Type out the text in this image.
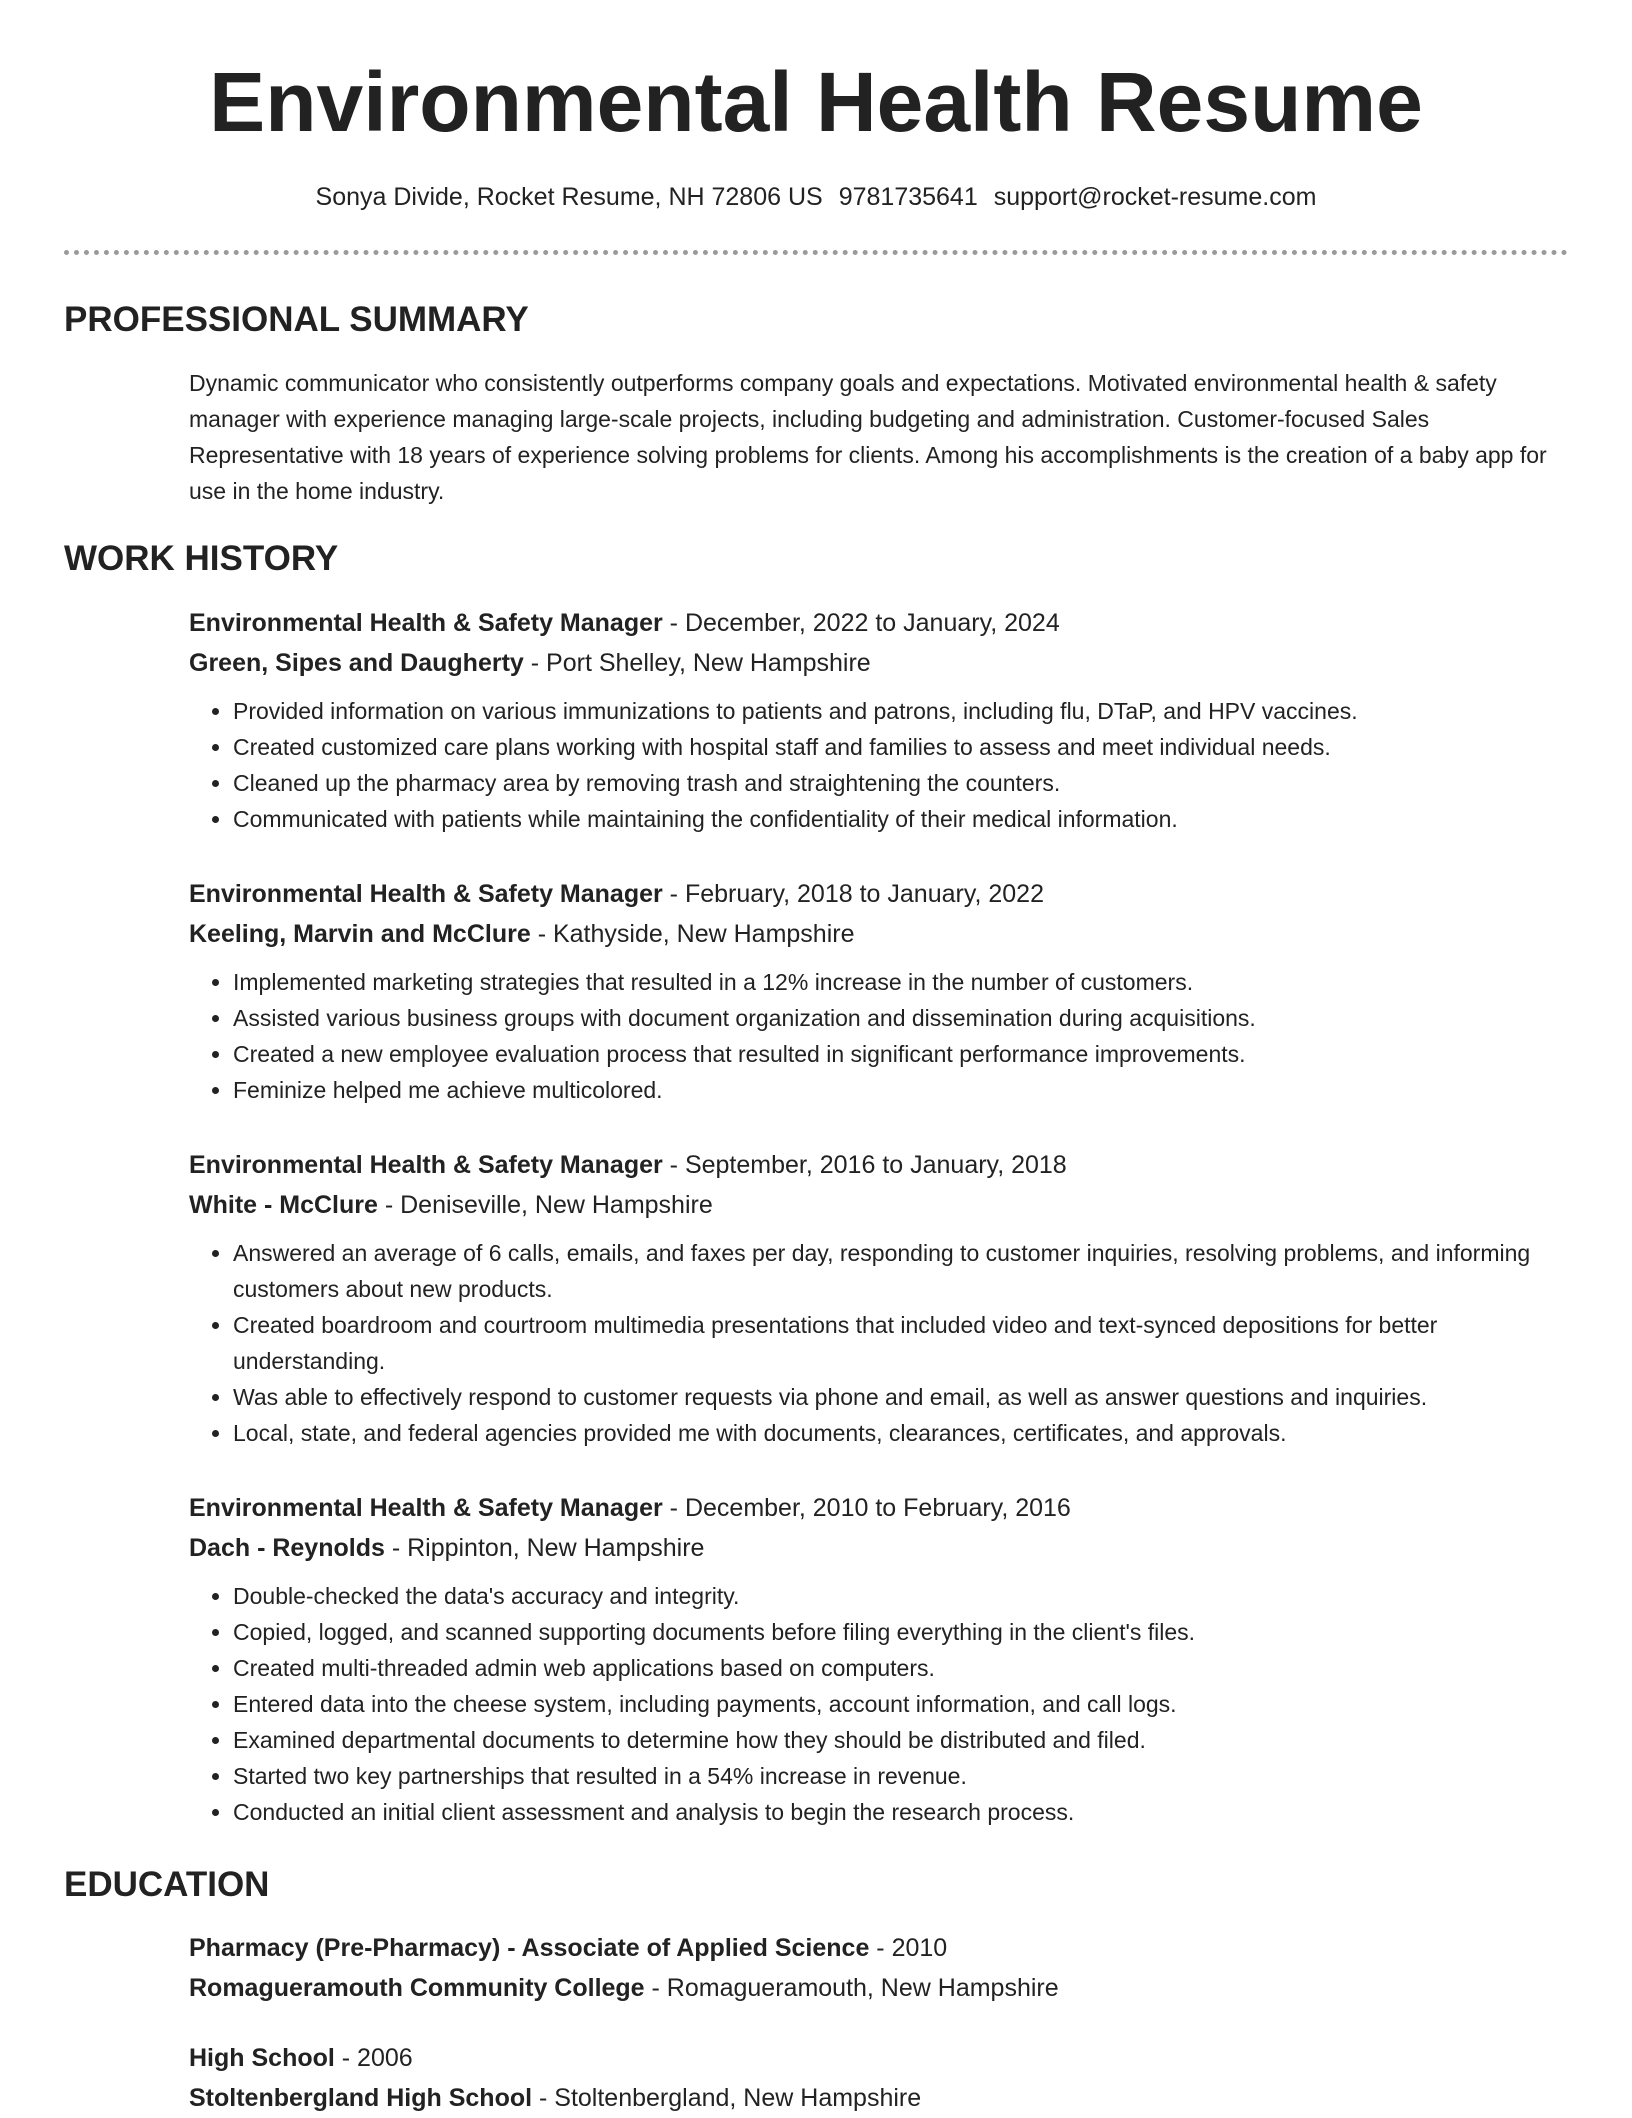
Environmental Health Resume
Sonya Divide, Rocket Resume, NH 72806 US 9781735641 support@rocket-resume.com
PROFESSIONAL SUMMARY

Dynamic communicator who consistently outperforms company goals and expectations. Motivated environmental health & safety manager with experience managing large-scale projects, including budgeting and administration. Customer-focused Sales Representative with 18 years of experience solving problems for clients. Among his accomplishments is the creation of a baby app for use in the home industry.

WORK HISTORY
Environmental Health & Safety Manager - December, 2022 to January, 2024
Green, Sipes and Daugherty - Port Shelley, New Hampshire
• Provided information on various immunizations to patients and patrons, including flu, DTaP, and HPV vaccines.
• Created customized care plans working with hospital staff and families to assess and meet individual needs.
• Cleaned up the pharmacy area by removing trash and straightening the counters.
• Communicated with patients while maintaining the confidentiality of their medical information.
Environmental Health & Safety Manager - February, 2018 to January, 2022
Keeling, Marvin and McClure - Kathyside, New Hampshire
• Implemented marketing strategies that resulted in a 12% increase in the number of customers.
• Assisted various business groups with document organization and dissemination during acquisitions.
• Created a new employee evaluation process that resulted in significant performance improvements.
• Feminize helped me achieve multicolored.
Environmental Health & Safety Manager - September, 2016 to January, 2018
White - McClure - Deniseville, New Hampshire
• Answered an average of 6 calls, emails, and faxes per day, responding to customer inquiries, resolving problems, and informing customers about new products.
• Created boardroom and courtroom multimedia presentations that included video and text-synced depositions for better understanding.
• Was able to effectively respond to customer requests via phone and email, as well as answer questions and inquiries.
• Local, state, and federal agencies provided me with documents, clearances, certificates, and approvals.
Environmental Health & Safety Manager - December, 2010 to February, 2016
Dach - Reynolds - Rippinton, New Hampshire
• Double-checked the data's accuracy and integrity.
• Copied, logged, and scanned supporting documents before filing everything in the client's files.
• Created multi-threaded admin web applications based on computers.
• Entered data into the cheese system, including payments, account information, and call logs.
• Examined departmental documents to determine how they should be distributed and filed.
• Started two key partnerships that resulted in a 54% increase in revenue.
• Conducted an initial client assessment and analysis to begin the research process.
EDUCATION
Pharmacy (Pre-Pharmacy) - Associate of Applied Science - 2010
Romagueramouth Community College - Romagueramouth, New Hampshire
High School - 2006
Stoltenbergland High School - Stoltenbergland, New Hampshire
